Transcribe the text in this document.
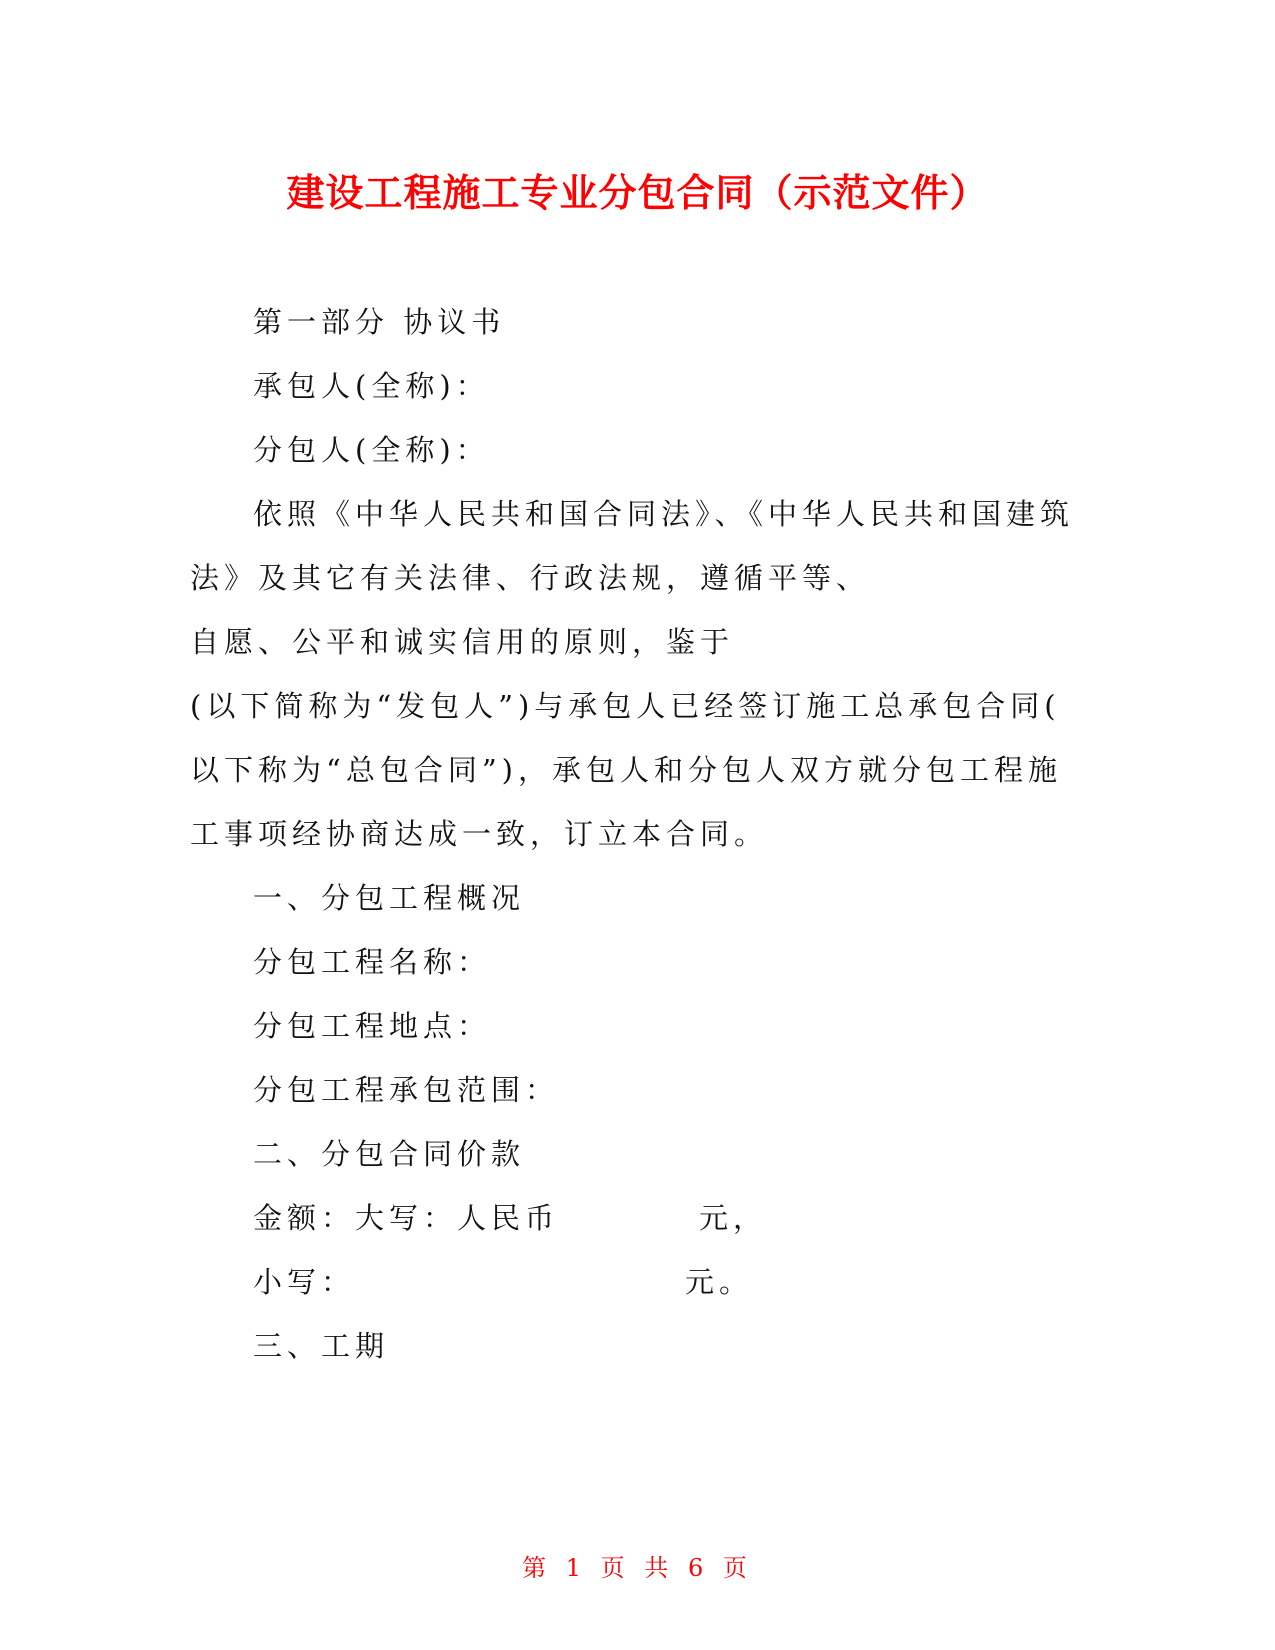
建设工程施工专业分包合同（示范文件）

第一部分 协议书

承包人(全称)：

分包人(全称)：

依照《中华人民共和国合同法》、《中华人民共和国建筑

法》及其它有关法律、行政法规，遵循平等、

自愿、公平和诚实信用的原则，鉴于

(以下简称为“发包人”)与承包人已经签订施工总承包合同(

以下称为“总包合同”)，承包人和分包人双方就分包工程施

工事项经协商达成一致，订立本合同。

一、分包工程概况

分包工程名称：

分包工程地点：

分包工程承包范围：

二、分包合同价款

金额：大写：人民币	元，

小写：	元。

三、工期

第 1 页 共 6 页
